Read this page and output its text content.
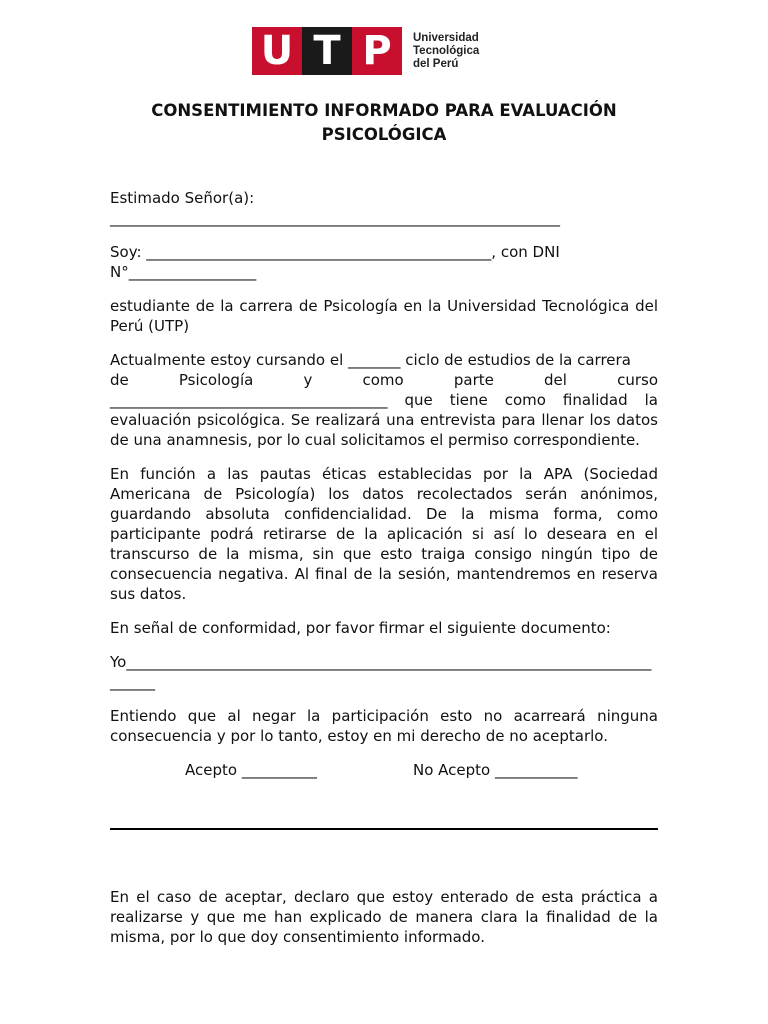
U T P	Universidad
Tecnológica
del Perú
CONSENTIMIENTO INFORMADO PARA EVALUACIÓN
PSICOLÓGICA

Estimado Señor(a):

____________________________________________________________

Soy: ______________________________________________, con DNI

N°_________________

estudiante de la carrera de Psicología en la Universidad Tecnológica del Perú (UTP)

Actualmente estoy cursando el _______ ciclo de estudios de la carrera

de Psicología y como parte del curso

_____________________________________ que tiene como finalidad la evaluación psicológica. Se realizará una entrevista para llenar los datos de una anamnesis, por lo cual solicitamos el permiso correspondiente.

En función a las pautas éticas establecidas por la APA (Sociedad Americana de Psicología) los datos recolectados serán anónimos, guardando absoluta confidencialidad. De la misma forma, como participante podrá retirarse de la aplicación si así lo deseara en el transcurso de la misma, sin que esto traiga consigo ningún tipo de consecuencia negativa. Al final de la sesión, mantendremos en reserva sus datos.

En señal de conformidad, por favor firmar el siguiente documento:

Yo______________________________________________________________________

______

Entiendo que al negar la participación esto no acarreará ninguna consecuencia y por lo tanto, estoy en mi derecho de no aceptarlo.

Acepto __________	No Acepto ___________

En el caso de aceptar, declaro que estoy enterado de esta práctica a realizarse y que me han explicado de manera clara la finalidad de la misma, por lo que doy consentimiento informado.
